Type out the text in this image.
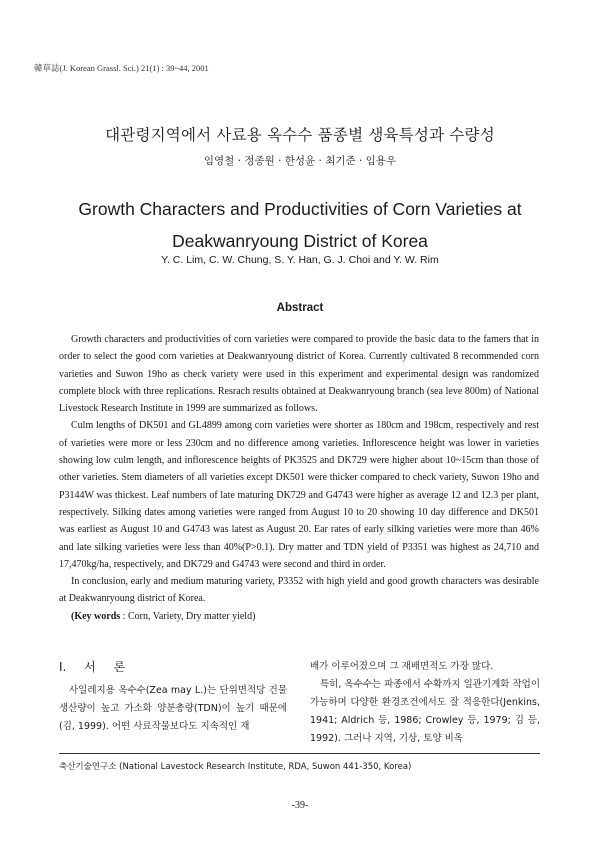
韓草誌(J. Korean Grassl. Sci.) 21(1) : 39~44, 2001
대관령지역에서 사료용 옥수수 품종별 생육특성과 수량성
임영철 · 정종원 · 한성윤 · 최기준 · 임용우
Growth Characters and Productivities of Corn Varieties at
Deakwanryoung District of Korea
Y. C. Lim, C. W. Chung, S. Y. Han, G. J. Choi and Y. W. Rim
Abstract

Growth characters and productivities of corn varieties were compared to provide the basic data to the famers that in order to select the good corn varieties at Deakwanryoung district of Korea. Currently cultivated 8 recommended corn varieties and Suwon 19ho as check variety were used in this experiment and experimental design was randomized complete block with three replications. Resrach results obtained at Deakwanryoung branch (sea leve 800m) of National Livestock Research Institute in 1999 are summarized as follows.

Culm lengths of DK501 and GL4899 among corn varieties were shorter as 180cm and 198cm, respectively and rest of varieties were more or less 230cm and no difference among varieties. Inflorescence height was lower in varieties showing low culm length, and inflorescence heights of PK3525 and DK729 were higher about 10~15cm than those of other varieties. Stem diameters of all varieties except DK501 were thicker compared to check variety, Suwon 19ho and P3144W was thickest. Leaf numbers of late maturing DK729 and G4743 were higher as average 12 and 12.3 per plant, respectively. Silking dates among varieties were ranged from August 10 to 20 showing 10 day difference and DK501 was earliest as August 10 and G4743 was latest as August 20. Ear rates of early silking varieties were more than 46% and late silking varieties were less than 40%(P>0.1). Dry matter and TDN yield of P3351 was highest as 24,710 and 17,470kg/ha, respectively, and DK729 and G4743 were second and third in order.

In conclusion, early and medium maturing variety, P3352 with high yield and good growth characters was desirable at Deakwanryoung district of Korea.

(Key words : Corn, Variety, Dry matter yield)

I. 서 론

사일레지용 옥수수(Zea may L.)는 단위면적당 건물생산량이 높고 가소화 양분총량(TDN)이 높기 때문에(김, 1999). 어떤 사료작물보다도 지속적인 재

배가 이루어졌으며 그 재배면적도 가장 많다.

특히, 옥수수는 파종에서 수확까지 일관기계화 작업이 가능하며 다양한 환경조건에서도 잘 적응한다(Jenkins, 1941; Aldrich 등, 1986; Crowley 등, 1979; 김 등, 1992). 그러나 지역, 기상, 토양 비옥

축산기술연구소 (National Lavestock Research Institute, RDA, Suwon 441-350, Korea)
-39-
